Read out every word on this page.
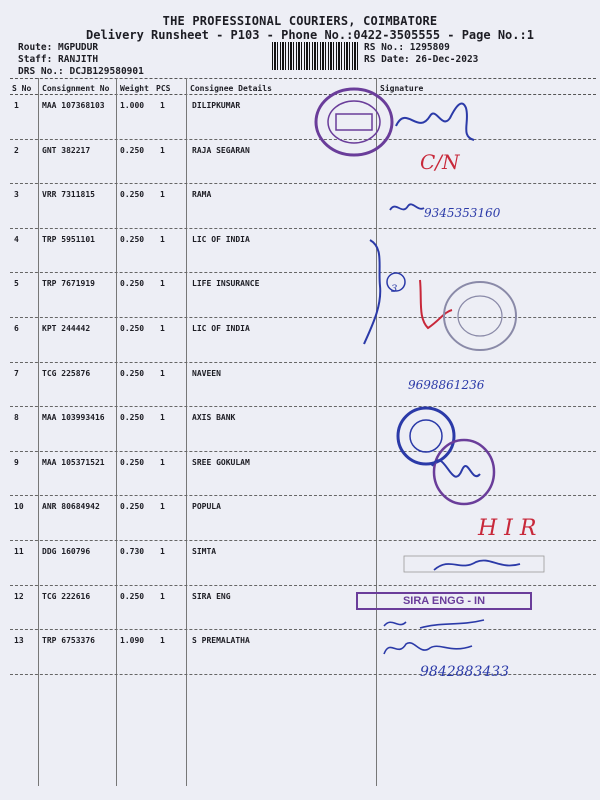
THE PROFESSIONAL COURIERS, COIMBATORE
Delivery Runsheet - P103 - Phone No.:0422-3505555 - Page No.:1
Route: MGPUDUR
Staff: RANJITH
DRS No.: DCJB129580901
RS No.: 1295809
RS Date: 26-Dec-2023
S No Consignment No Weight PCS Consignee Details	Signature
1	MAA 107368103 1.000 1	DILIPKUMAR
2	GNT 382217	0.250 1	RAJA SEGARAN
3	VRR 7311815	0.250 1	RAMA
4	TRP 5951101	0.250 1	LIC OF INDIA
5	TRP 7671919	0.250 1	LIFE INSURANCE
6	KPT 244442	0.250 1	LIC OF INDIA
7	TCG 225876	0.250 1	NAVEEN
8	MAA 103993416 0.250 1	AXIS BANK
9	MAA 105371521 0.250 1	SREE GOKULAM
10 ANR 80684942	0.250 1	POPULA
11 DDG 160796	0.730 1	SIMTA
12 TCG 222616	0.250 1	SIRA ENG
13 TRP 6753376	1.090 1	S PREMALATHA
C/N
9345353160
3
9698861236
H I R
SIRA ENGG - IN
9842883433
